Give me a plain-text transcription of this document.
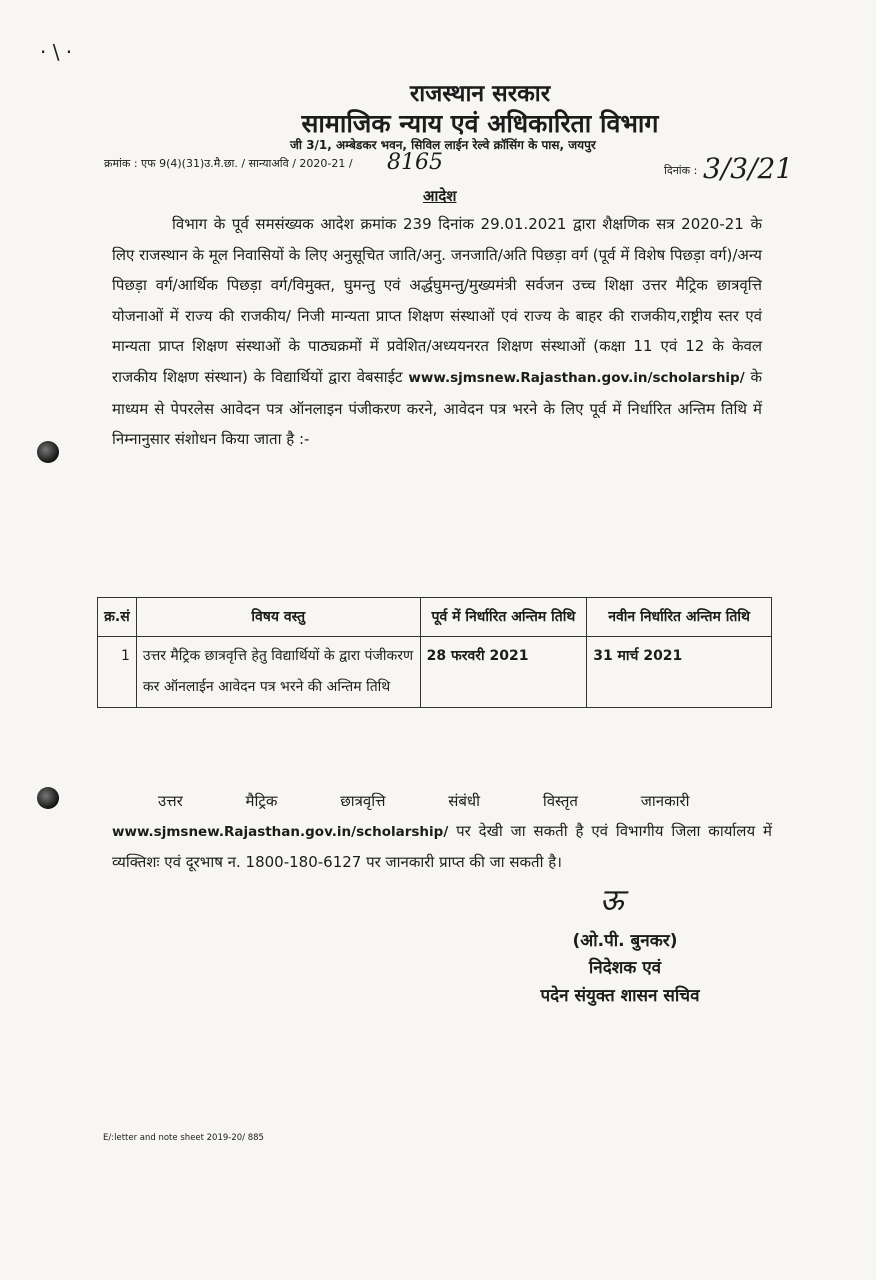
· \ ·
राजस्थान सरकार
सामाजिक न्याय एवं अधिकारिता विभाग
जी 3/1, अम्बेडकर भवन, सिविल लाईन रेल्वे क्रॉसिंग के पास, जयपुर
क्रमांक : एफ 9(4)(31)उ.मै.छा. / सान्याअवि / 2020-21 / 8165	दिनांक : 3/3/21
आदेश
विभाग के पूर्व समसंख्यक आदेश क्रमांक 239 दिनांक 29.01.2021 द्वारा शैक्षणिक सत्र 2020-21 के लिए राजस्थान के मूल निवासियों के लिए अनुसूचित जाति/अनु. जनजाति/अति पिछड़ा वर्ग (पूर्व में विशेष पिछड़ा वर्ग)/अन्य पिछड़ा वर्ग/आर्थिक पिछड़ा वर्ग/विमुक्त, घुमन्तु एवं अर्द्धघुमन्तु/मुख्यमंत्री सर्वजन उच्च शिक्षा उत्तर मैट्रिक छात्रवृत्ति योजनाओं में राज्य की राजकीय/ निजी मान्यता प्राप्त शिक्षण संस्थाओं एवं राज्य के बाहर की राजकीय,राष्ट्रीय स्तर एवं मान्यता प्राप्त शिक्षण संस्थाओं के पाठ्यक्रमों में प्रवेशित/अध्ययनरत शिक्षण संस्थाओं (कक्षा 11 एवं 12 के केवल राजकीय शिक्षण संस्थान) के विद्यार्थियों द्वारा वेबसाईट www.sjmsnew.Rajasthan.gov.in/scholarship/ के माध्यम से पेपरलेस आवेदन पत्र ऑनलाइन पंजीकरण करने, आवेदन पत्र भरने के लिए पूर्व में निर्धारित अन्तिम तिथि में निम्नानुसार संशोधन किया जाता है :-
क्र.सं	विषय वस्तु	पूर्व में निर्धारित अन्तिम तिथि	नवीन निर्धारित अन्तिम तिथि
1	उत्तर मैट्रिक छात्रवृत्ति हेतु विद्यार्थियों के द्वारा पंजीकरण कर ऑनलाईन आवेदन पत्र भरने की अन्तिम तिथि	28 फरवरी 2021	31 मार्च 2021
उत्तर मैट्रिक छात्रवृत्ति संबंधी विस्तृत जानकारी
www.sjmsnew.Rajasthan.gov.in/scholarship/ पर देखी जा सकती है एवं विभागीय जिला कार्यालय में व्यक्तिशः एवं दूरभाष न. 1800-180-6127 पर जानकारी प्राप्त की जा सकती है।
ऊ
(ओ.पी. बुनकर)
निदेशक एवं
पदेन संयुक्त शासन सचिव
E/:letter and note sheet 2019-20/ 885
